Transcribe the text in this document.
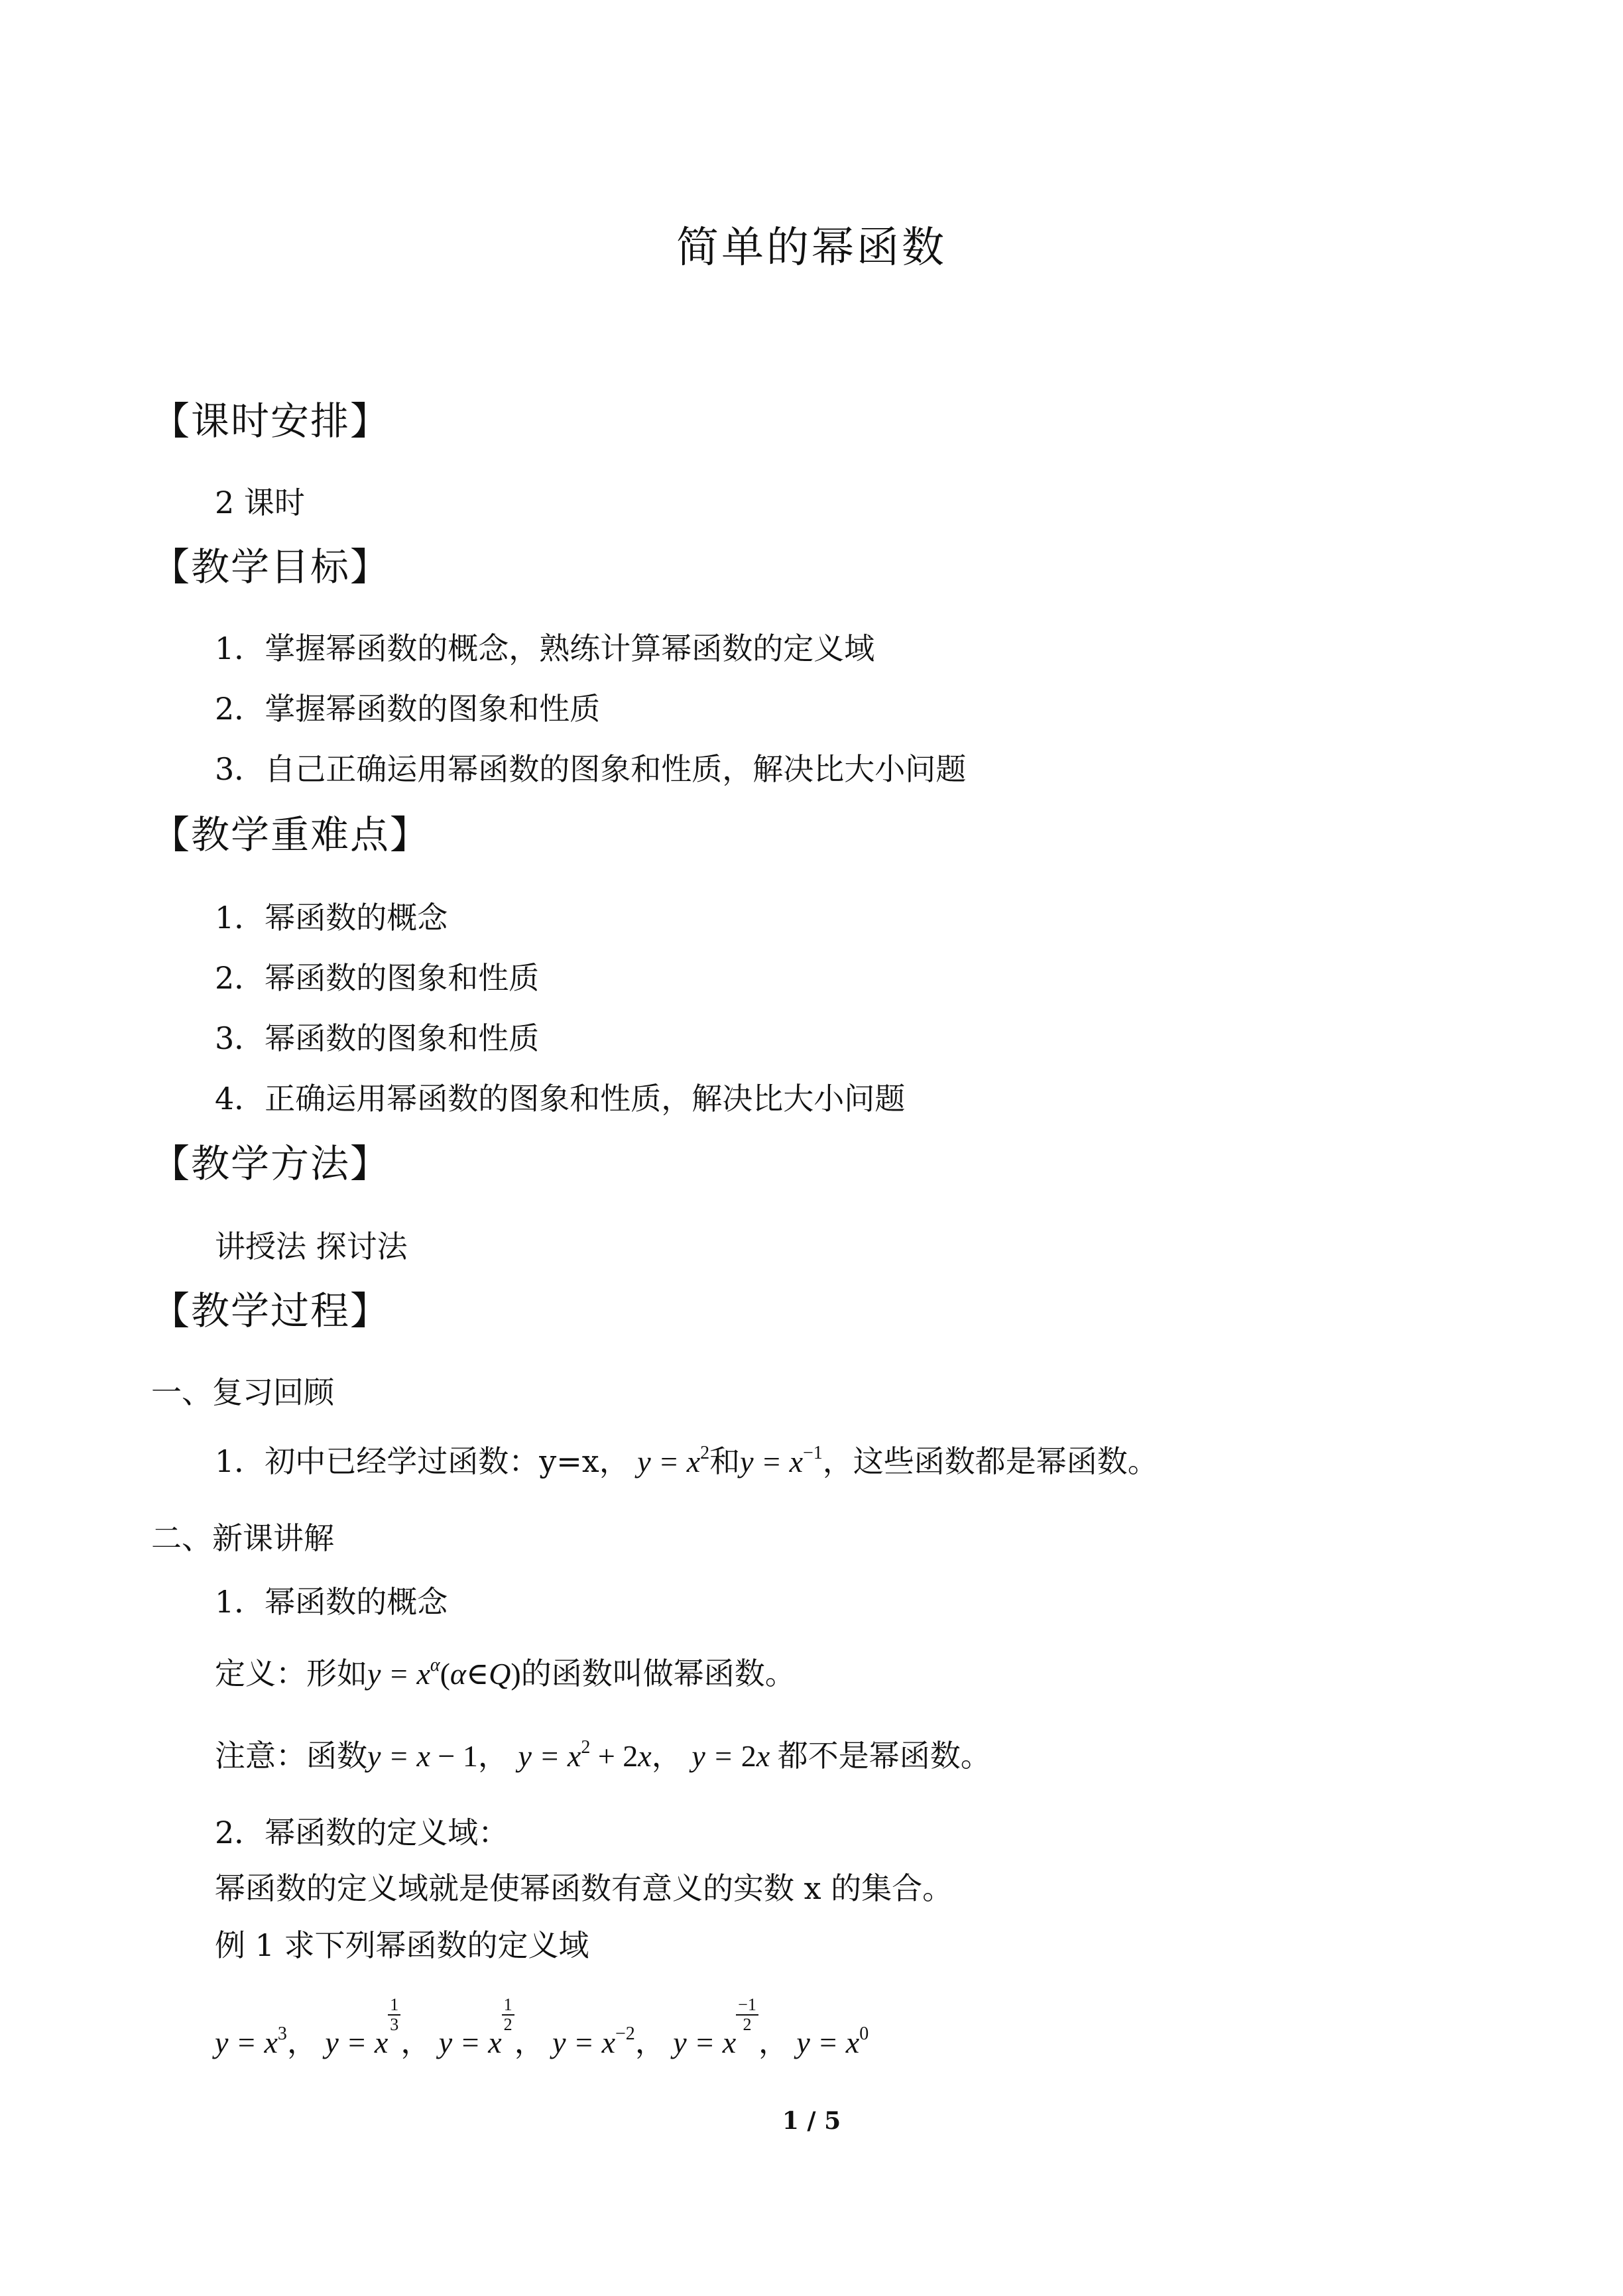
简单的幂函数
【课时安排】
2 课时
【教学目标】
1．掌握幂函数的概念，熟练计算幂函数的定义域
2．掌握幂函数的图象和性质
3．自己正确运用幂函数的图象和性质，解决比大小问题
【教学重难点】
1．幂函数的概念
2．幂函数的图象和性质
3．幂函数的图象和性质
4．正确运用幂函数的图象和性质，解决比大小问题
【教学方法】
讲授法 探讨法
【教学过程】
一、复习回顾
1．初中已经学过函数：y=x， $y = x^2$和$y = x^{-1}$，这些函数都是幂函数。
二、新课讲解
1．幂函数的概念
定义：形如$y = x^\alpha(\alpha\in Q)$的函数叫做幂函数。
注意：函数y = x − 1， $y = x^2 + 2x$， y = 2x 都不是幂函数。
2．幂函数的定义域：
幂函数的定义域就是使幂函数有意义的实数 x 的集合。
例 1 求下列幂函数的定义域
$y = x^3$， y = x
$\frac{1}{3}$
， y = x
$\frac{1}{2}$
， $y = x^{-2}$， y = x
$\frac{-1}{2}$
， $y = x^0$
1 / 5
